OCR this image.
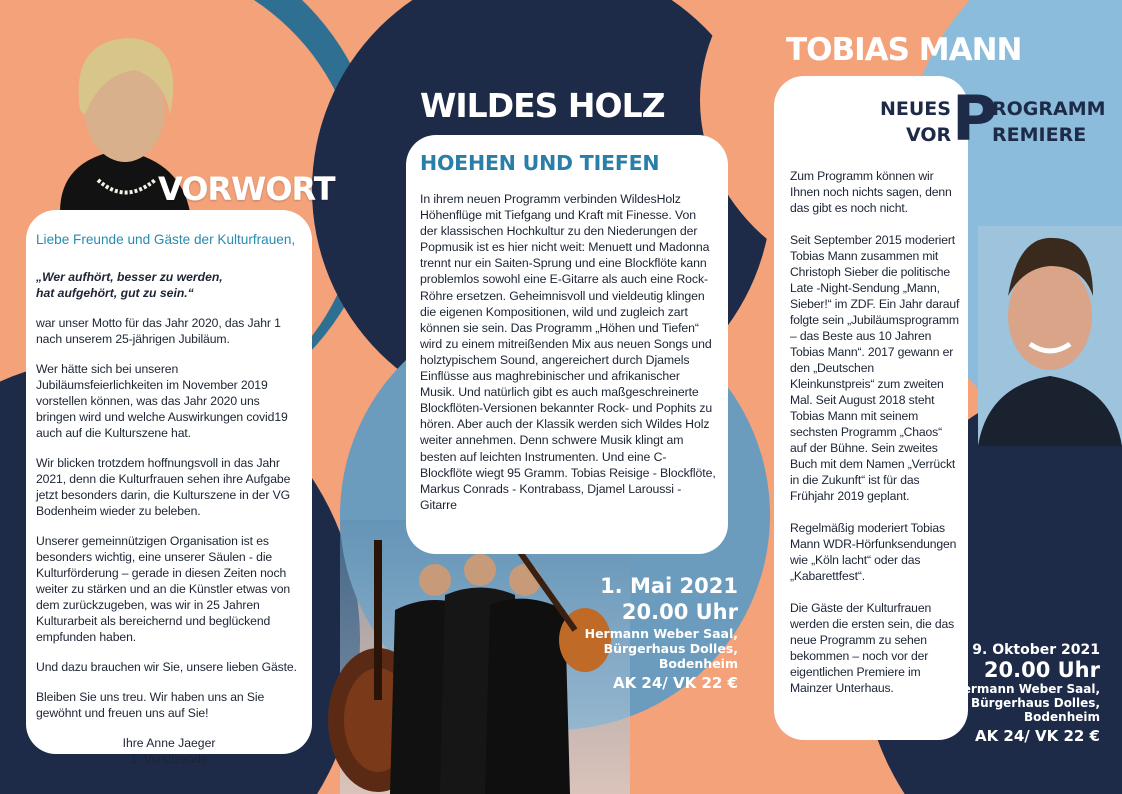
VORWORT

Liebe Freunde und Gäste der Kulturfrauen,

„Wer aufhört, besser zu werden,
hat aufgehört, gut zu sein.“

war unser Motto für das Jahr 2020, das Jahr 1 nach unserem 25-jährigen Jubiläum.

Wer hätte sich bei unseren Jubiläumsfeierlichkeiten im November 2019 vorstellen können, was das Jahr 2020 uns bringen wird und welche Auswirkungen covid19 auch auf die Kulturszene hat.

Wir blicken trotzdem hoffnungsvoll in das Jahr 2021, denn die Kulturfrauen sehen ihre Aufgabe jetzt besonders darin, die Kulturszene in der VG Bodenheim wieder zu beleben.

Unserer gemeinnützigen Organisation ist es besonders wichtig, eine unserer Säulen - die Kulturförderung – gerade in diesen Zeiten noch weiter zu stärken und an die Künstler etwas von dem zurückzugeben, was wir in 25 Jahren Kulturarbeit als bereichernd und beglückend empfunden haben.

Und dazu brauchen wir Sie, unsere lieben Gäste.

Bleiben Sie uns treu. Wir haben uns an Sie gewöhnt und freuen uns auf Sie!

Ihre Anne Jaeger
1. Vorsitzende

WILDES HOLZ
HOEHEN UND TIEFEN

In ihrem neuen Programm verbinden WildesHolz Höhenflüge mit Tiefgang und Kraft mit Finesse. Von der klassischen Hochkultur zu den Niederungen der Popmusik ist es hier nicht weit: Menuett und Madonna trennt nur ein Saiten-Sprung und eine Blockflöte kann problemlos sowohl eine E-Gitarre als auch eine Rock-Röhre ersetzen. Geheimnisvoll und vieldeutig klingen die eigenen Kompositionen, wild und zugleich zart können sie sein. Das Programm „Höhen und Tiefen“ wird zu einem mitreißenden Mix aus neuen Songs und holztypischem Sound, angereichert durch Djamels Einflüsse aus maghrebinischer und afrikanischer Musik. Und natürlich gibt es auch maßgeschreinerte Blockflöten-Versionen bekannter Rock- und Pophits zu hören. Aber auch der Klassik werden sich Wildes Holz weiter annehmen. Denn schwere Musik klingt am besten auf leichten Instrumenten. Und eine C-Blockflöte wiegt 95 Gramm. Tobias Reisige - Blockflöte, Markus Conrads - Kontrabass, Djamel Laroussi - Gitarre

1. Mai 2021
20.00 Uhr
Hermann Weber Saal,
Bürgerhaus Dolles,
Bodenheim
AK 24/ VK 22 €
TOBIAS MANN

Zum Programm können wir Ihnen noch nichts sagen, denn das gibt es noch nicht.

Seit September 2015 moderiert Tobias Mann zusammen mit Christoph Sieber die politische Late -Night-Sendung „Mann, Sieber!“ im ZDF. Ein Jahr darauf folgte sein „Jubiläumsprogramm – das Beste aus 10 Jahren Tobias Mann“. 2017 gewann er den „Deutschen Kleinkunstpreis“ zum zweiten Mal. Seit August 2018 steht Tobias Mann mit seinem sechsten Programm „Chaos“ auf der Bühne. Sein zweites Buch mit dem Namen „Verrückt in die Zukunft“ ist für das Frühjahr 2019 geplant.

Regelmäßig moderiert Tobias Mann WDR-Hörfunksendungen wie „Köln lacht“ oder das „Kabarettfest“.

Die Gäste der Kulturfrauen werden die ersten sein, die das neue Programm zu sehen bekommen – noch vor der eigentlichen Premiere im Mainzer Unterhaus.

P
NEUES ROGRAMM
VOR REMIERE
9. Oktober 2021
20.00 Uhr
Hermann Weber Saal,
Bürgerhaus Dolles,
Bodenheim
AK 24/ VK 22 €
